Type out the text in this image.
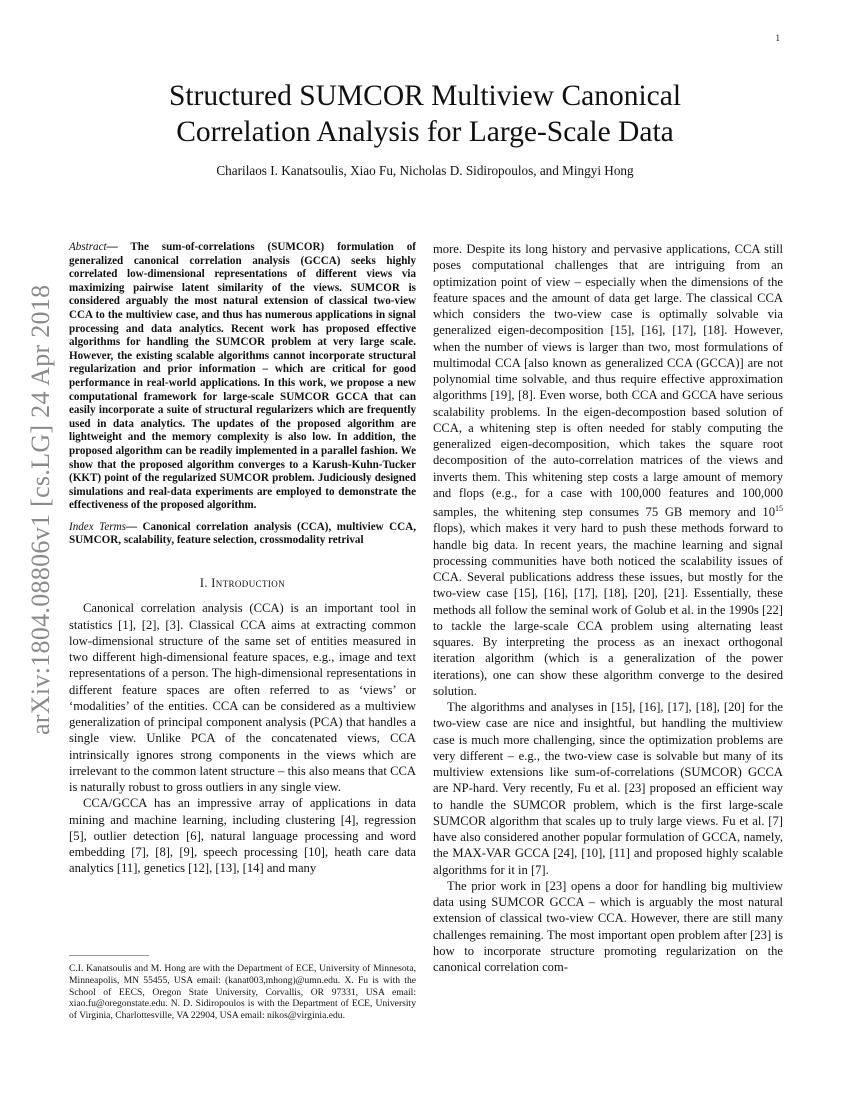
1
arXiv:1804.08806v1 [cs.LG] 24 Apr 2018
Structured SUMCOR Multiview Canonical
Correlation Analysis for Large-Scale Data
Charilaos I. Kanatsoulis, Xiao Fu, Nicholas D. Sidiropoulos, and Mingyi Hong

Abstract— The sum-of-correlations (SUMCOR) formulation of generalized canonical correlation analysis (GCCA) seeks highly correlated low-dimensional representations of different views via maximizing pairwise latent similarity of the views. SUMCOR is considered arguably the most natural extension of classical two-view CCA to the multiview case, and thus has numerous applications in signal processing and data analytics. Recent work has proposed effective algorithms for handling the SUMCOR problem at very large scale. However, the existing scalable algorithms cannot incorporate structural regularization and prior information – which are critical for good performance in real-world applications. In this work, we propose a new computational framework for large-scale SUMCOR GCCA that can easily incorporate a suite of structural regularizers which are frequently used in data analytics. The updates of the proposed algorithm are lightweight and the memory complexity is also low. In addition, the proposed algorithm can be readily implemented in a parallel fashion. We show that the proposed algorithm converges to a Karush-Kuhn-Tucker (KKT) point of the regularized SUMCOR problem. Judiciously designed simulations and real-data experiments are employed to demonstrate the effectiveness of the proposed algorithm.

Index Terms— Canonical correlation analysis (CCA), multiview CCA, SUMCOR, scalability, feature selection, crossmodality retrival

I. Introduction

Canonical correlation analysis (CCA) is an important tool in statistics [1], [2], [3]. Classical CCA aims at extracting common low-dimensional structure of the same set of entities measured in two different high-dimensional feature spaces, e.g., image and text representations of a person. The high-dimensional representations in different feature spaces are often referred to as ‘views’ or ‘modalities’ of the entities. CCA can be considered as a multiview generalization of principal component analysis (PCA) that handles a single view. Unlike PCA of the concatenated views, CCA intrinsically ignores strong components in the views which are irrelevant to the common latent structure – this also means that CCA is naturally robust to gross outliers in any single view.

CCA/GCCA has an impressive array of applications in data mining and machine learning, including clustering [4], regression [5], outlier detection [6], natural language processing and word embedding [7], [8], [9], speech processing [10], heath care data analytics [11], genetics [12], [13], [14] and many

C.I. Kanatsoulis and M. Hong are with the Department of ECE, University of Minnesota, Minneapolis, MN 55455, USA email: (kanat003,mhong)@umn.edu. X. Fu is with the School of EECS, Oregon State University, Corvallis, OR 97331, USA email: xiao.fu@oregonstate.edu. N. D. Sidiropoulos is with the Department of ECE, University of Virginia, Charlottesville, VA 22904, USA email: nikos@virginia.edu.

more. Despite its long history and pervasive applications, CCA still poses computational challenges that are intriguing from an optimization point of view – especially when the dimensions of the feature spaces and the amount of data get large. The classical CCA which considers the two-view case is optimally solvable via generalized eigen-decomposition [15], [16], [17], [18]. However, when the number of views is larger than two, most formulations of multimodal CCA [also known as generalized CCA (GCCA)] are not polynomial time solvable, and thus require effective approximation algorithms [19], [8]. Even worse, both CCA and GCCA have serious scalability problems. In the eigen-decompostion based solution of CCA, a whitening step is often needed for stably computing the generalized eigen-decomposition, which takes the square root decomposition of the auto-correlation matrices of the views and inverts them. This whitening step costs a large amount of memory and flops (e.g., for a case with 100,000 features and 100,000 samples, the whitening step consumes 75 GB memory and $10^{15}$ flops), which makes it very hard to push these methods forward to handle big data. In recent years, the machine learning and signal processing communities have both noticed the scalability issues of CCA. Several publications address these issues, but mostly for the two-view case [15], [16], [17], [18], [20], [21]. Essentially, these methods all follow the seminal work of Golub et al. in the 1990s [22] to tackle the large-scale CCA problem using alternating least squares. By interpreting the process as an inexact orthogonal iteration algorithm (which is a generalization of the power iterations), one can show these algorithm converge to the desired solution.

The algorithms and analyses in [15], [16], [17], [18], [20] for the two-view case are nice and insightful, but handling the multiview case is much more challenging, since the optimization problems are very different – e.g., the two-view case is solvable but many of its multiview extensions like sum-of-correlations (SUMCOR) GCCA are NP-hard. Very recently, Fu et al. [23] proposed an efficient way to handle the SUMCOR problem, which is the first large-scale SUMCOR algorithm that scales up to truly large views. Fu et al. [7] have also considered another popular formulation of GCCA, namely, the MAX-VAR GCCA [24], [10], [11] and proposed highly scalable algorithms for it in [7].

The prior work in [23] opens a door for handling big multiview data using SUMCOR GCCA – which is arguably the most natural extension of classical two-view CCA. However, there are still many challenges remaining. The most important open problem after [23] is how to incorporate structure promoting regularization on the canonical correlation com-
